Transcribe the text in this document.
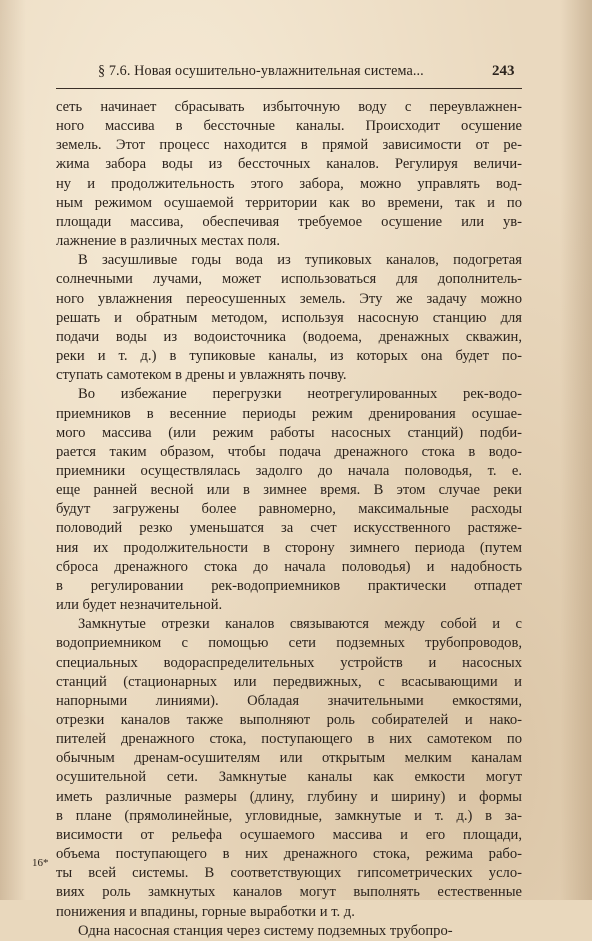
§ 7.6. Новая осушительно-увлажнительная система...	243
сеть начинает сбрасывать избыточную воду с переувлажнен-
ного массива в бессточные каналы. Происходит осушение
земель. Этот процесс находится в прямой зависимости от ре-
жима забора воды из бессточных каналов. Регулируя величи-
ну и продолжительность этого забора, можно управлять вод-
ным режимом осушаемой территории как во времени, так и по
площади массива, обеспечивая требуемое осушение или ув-
лажнение в различных местах поля.
В засушливые годы вода из тупиковых каналов, подогретая
солнечными лучами, может использоваться для дополнитель-
ного увлажнения переосушенных земель. Эту же задачу можно
решать и обратным методом, используя насосную станцию для
подачи воды из водоисточника (водоема, дренажных скважин,
реки и т. д.) в тупиковые каналы, из которых она будет по-
ступать самотеком в дрены и увлажнять почву.
Во избежание перегрузки неотрегулированных рек-водо-
приемников в весенние периоды режим дренирования осушае-
мого массива (или режим работы насосных станций) подби-
рается таким образом, чтобы подача дренажного стока в водо-
приемники осуществлялась задолго до начала половодья, т. е.
еще ранней весной или в зимнее время. В этом случае реки
будут загружены более равномерно, максимальные расходы
половодий резко уменьшатся за счет искусственного растяже-
ния их продолжительности в сторону зимнего периода (путем
сброса дренажного стока до начала половодья) и надобность
в регулировании рек-водоприемников практически отпадет
или будет незначительной.
Замкнутые отрезки каналов связываются между собой и с
водоприемником с помощью сети подземных трубопроводов,
специальных водораспределительных устройств и насосных
станций (стационарных или передвижных, с всасывающими и
напорными линиями). Обладая значительными емкостями,
отрезки каналов также выполняют роль собирателей и нако-
пителей дренажного стока, поступающего в них самотеком по
обычным дренам-осушителям или открытым мелким каналам
осушительной сети. Замкнутые каналы как емкости могут
иметь различные размеры (длину, глубину и ширину) и формы
в плане (прямолинейные, угловидные, замкнутые и т. д.) в за-
висимости от рельефа осушаемого массива и его площади,
объема поступающего в них дренажного стока, режима рабо-
ты всей системы. В соответствующих гипсометрических усло-
виях роль замкнутых каналов могут выполнять естественные
понижения и впадины, горные выработки и т. д.
Одна насосная станция через систему подземных трубопро-
16*
